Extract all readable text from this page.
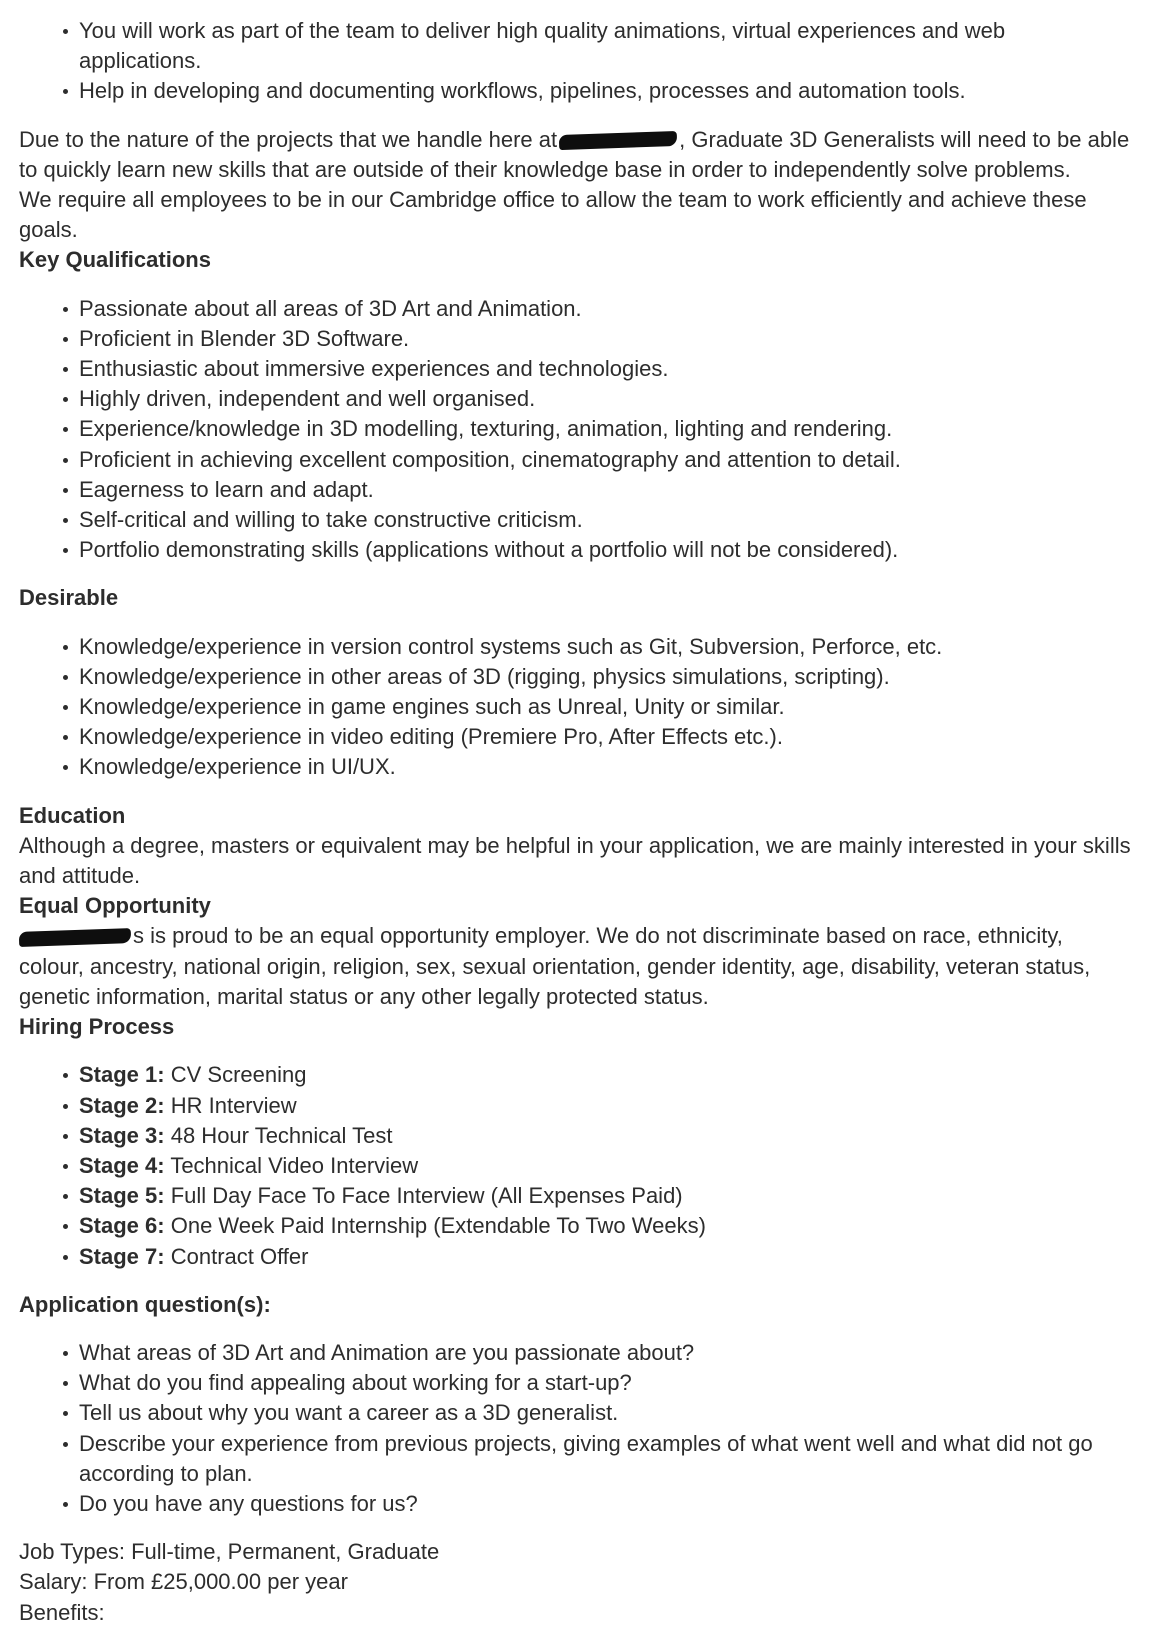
You will work as part of the team to deliver high quality animations, virtual experiences and web applications.
Help in developing and documenting workflows, pipelines, processes and automation tools.

Due to the nature of the projects that we handle here at	, Graduate 3D Generalists will need to be able to quickly learn new skills that are outside of their knowledge base in order to independently solve problems.

We require all employees to be in our Cambridge office to allow the team to work efficiently and achieve these goals.

Key Qualifications

Passionate about all areas of 3D Art and Animation.
Proficient in Blender 3D Software.
Enthusiastic about immersive experiences and technologies.
Highly driven, independent and well organised.
Experience/knowledge in 3D modelling, texturing, animation, lighting and rendering.
Proficient in achieving excellent composition, cinematography and attention to detail.
Eagerness to learn and adapt.
Self-critical and willing to take constructive criticism.
Portfolio demonstrating skills (applications without a portfolio will not be considered).

Desirable

Knowledge/experience in version control systems such as Git, Subversion, Perforce, etc.
Knowledge/experience in other areas of 3D (rigging, physics simulations, scripting).
Knowledge/experience in game engines such as Unreal, Unity or similar.
Knowledge/experience in video editing (Premiere Pro, After Effects etc.).
Knowledge/experience in UI/UX.

Education

Although a degree, masters or equivalent may be helpful in your application, we are mainly interested in your skills and attitude.

Equal Opportunity

s is proud to be an equal opportunity employer. We do not discriminate based on race, ethnicity, colour, ancestry, national origin, religion, sex, sexual orientation, gender identity, age, disability, veteran status, genetic information, marital status or any other legally protected status.

Hiring Process

Stage 1: CV Screening
Stage 2: HR Interview
Stage 3: 48 Hour Technical Test
Stage 4: Technical Video Interview
Stage 5: Full Day Face To Face Interview (All Expenses Paid)
Stage 6: One Week Paid Internship (Extendable To Two Weeks)
Stage 7: Contract Offer

Application question(s):

What areas of 3D Art and Animation are you passionate about?
What do you find appealing about working for a start-up?
Tell us about why you want a career as a 3D generalist.
Describe your experience from previous projects, giving examples of what went well and what did not go according to plan.
Do you have any questions for us?

Job Types: Full-time, Permanent, Graduate

Salary: From £25,000.00 per year

Benefits:
